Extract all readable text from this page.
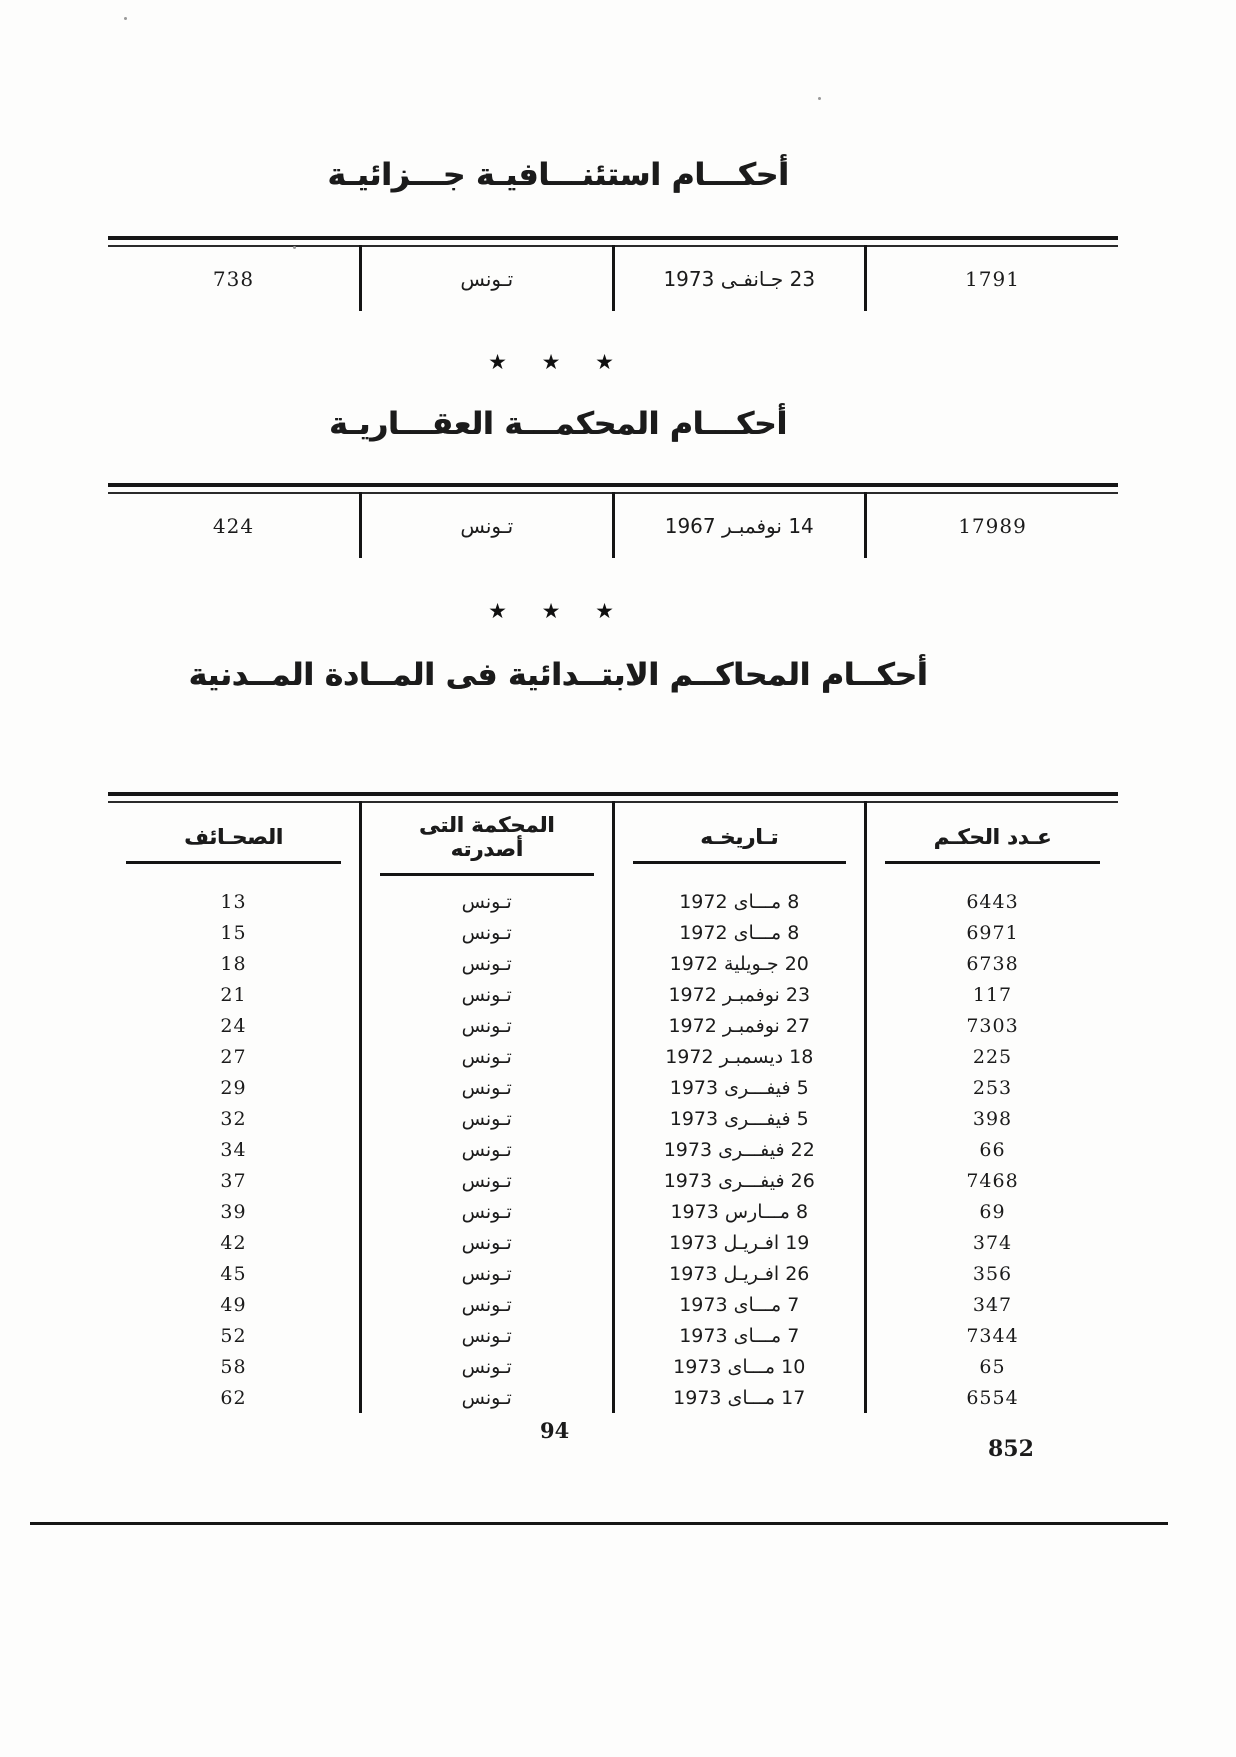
أحكـــام استئنـــافيـة جـــزائيـة

1791	23 جـانفـى 1973	تـونس	738
★ ★ ★
أحكـــام المحكمـــة العقـــاريـة

17989	14 نوفمبـر 1967	تـونس	424
★ ★ ★
أحكــام المحاكــم الابتــدائية فى المــادة المــدنية

عـدد الحكـم	تـاريخـه	المحكمة التى أصدرته	الصحـائف

6443	8 مـــاى 1972	تـونس	13
6971	8 مـــاى 1972	تـونس	15
6738	20 جـويلية 1972	تـونس	18
117	23 نوفمبـر 1972	تـونس	21
7303	27 نوفمبـر 1972	تـونس	24
225	18 ديسمبـر 1972	تـونس	27
253	5 فيفـــرى 1973	تـونس	29
398	5 فيفـــرى 1973	تـونس	32
66	22 فيفـــرى 1973	تـونس	34
7468	26 فيفـــرى 1973	تـونس	37
69	8 مـــارس 1973	تـونس	39
374	19 افـريـل 1973	تـونس	42
356	26 افـريـل 1973	تـونس	45
347	7 مـــاى 1973	تـونس	49
7344	7 مـــاى 1973	تـونس	52
65	10 مـــاى 1973	تـونس	58
6554	17 مـــاى 1973	تـونس	62
94
852
